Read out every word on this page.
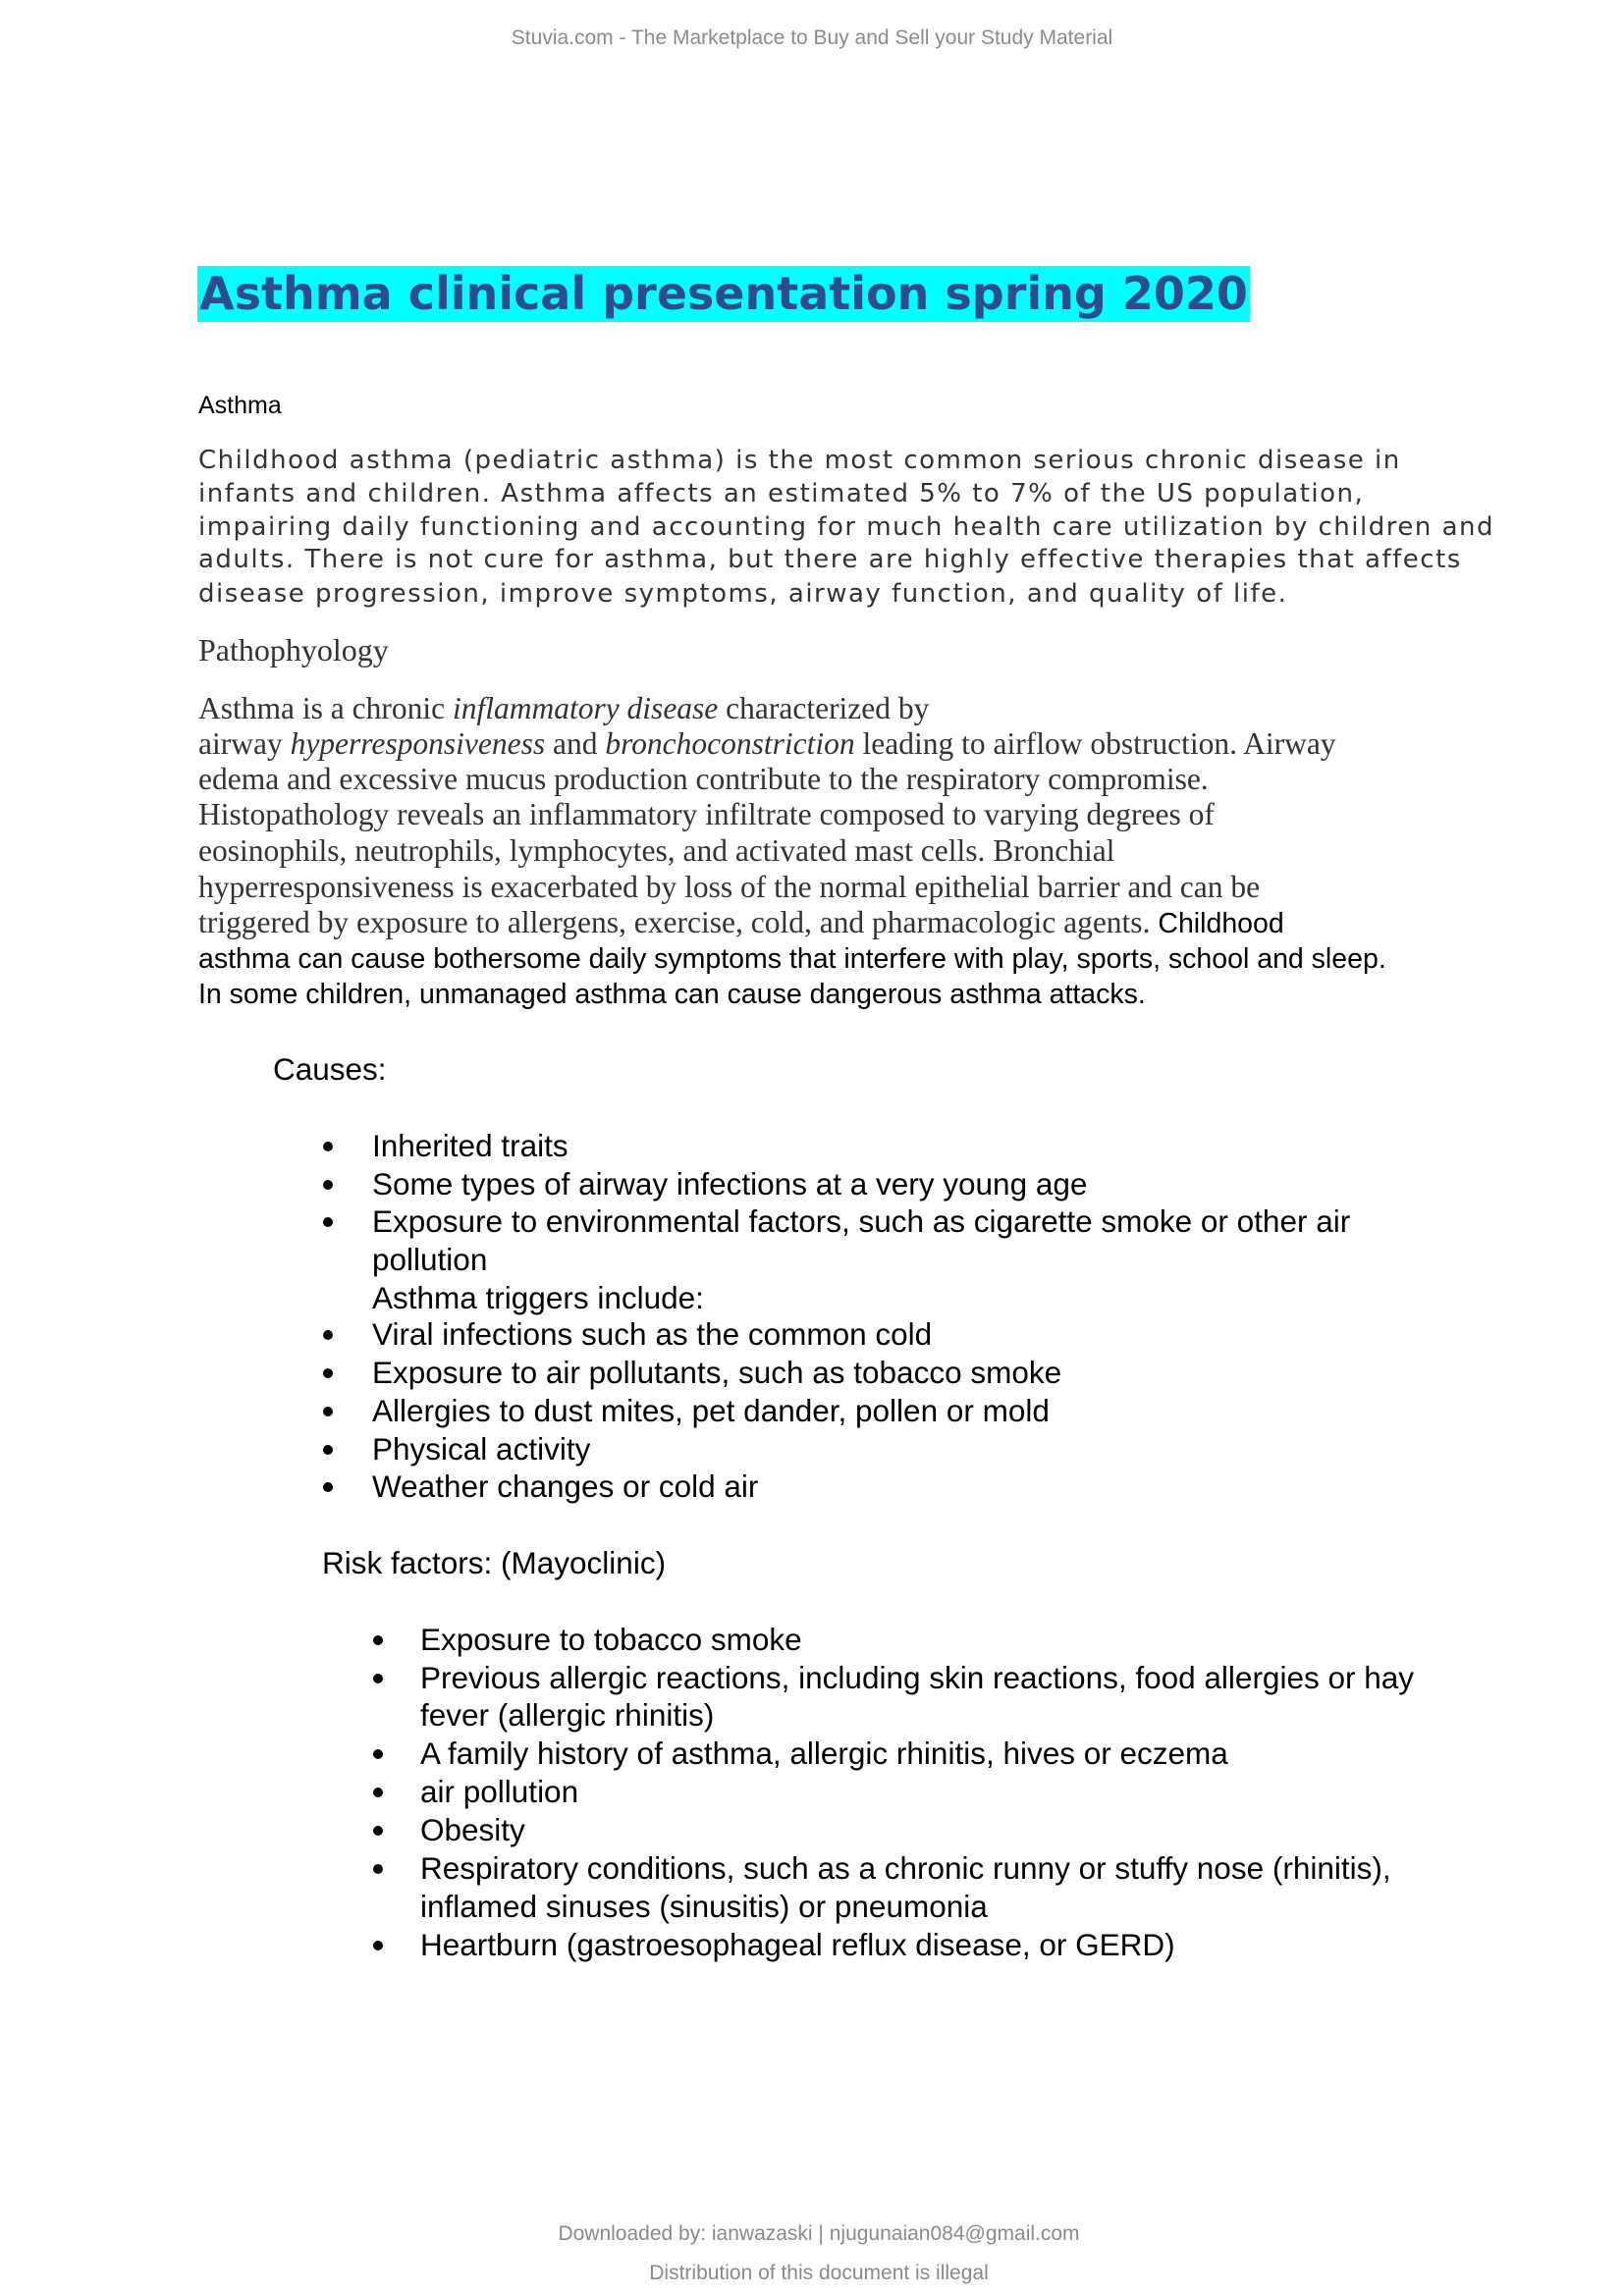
Stuvia.com - The Marketplace to Buy and Sell your Study Material
Asthma clinical presentation spring 2020
Asthma
Childhood asthma (pediatric asthma) is the most common serious chronic disease in
infants and children. Asthma affects an estimated 5% to 7% of the US population,
impairing daily functioning and accounting for much health care utilization by children and
adults. There is not cure for asthma, but there are highly effective therapies that affects
disease progression, improve symptoms, airway function, and quality of life.
Pathophyology
Asthma is a chronic inflammatory disease characterized by
airway hyperresponsiveness and bronchoconstriction leading to airflow obstruction. Airway
edema and excessive mucus production contribute to the respiratory compromise.
Histopathology reveals an inflammatory infiltrate composed to varying degrees of
eosinophils, neutrophils, lymphocytes, and activated mast cells. Bronchial
hyperresponsiveness is exacerbated by loss of the normal epithelial barrier and can be
triggered by exposure to allergens, exercise, cold, and pharmacologic agents. Childhood
asthma can cause bothersome daily symptoms that interfere with play, sports, school and sleep.
In some children, unmanaged asthma can cause dangerous asthma attacks.
Causes:
Inherited traits
Some types of airway infections at a very young age
Exposure to environmental factors, such as cigarette smoke or other air
pollution
Asthma triggers include:
Viral infections such as the common cold
Exposure to air pollutants, such as tobacco smoke
Allergies to dust mites, pet dander, pollen or mold
Physical activity
Weather changes or cold air
Risk factors: (Mayoclinic)
Exposure to tobacco smoke
Previous allergic reactions, including skin reactions, food allergies or hay
fever (allergic rhinitis)
A family history of asthma, allergic rhinitis, hives or eczema
air pollution
Obesity
Respiratory conditions, such as a chronic runny or stuffy nose (rhinitis),
inflamed sinuses (sinusitis) or pneumonia
Heartburn (gastroesophageal reflux disease, or GERD)
Downloaded by: ianwazaski | njugunaian084@gmail.com
Distribution of this document is illegal
